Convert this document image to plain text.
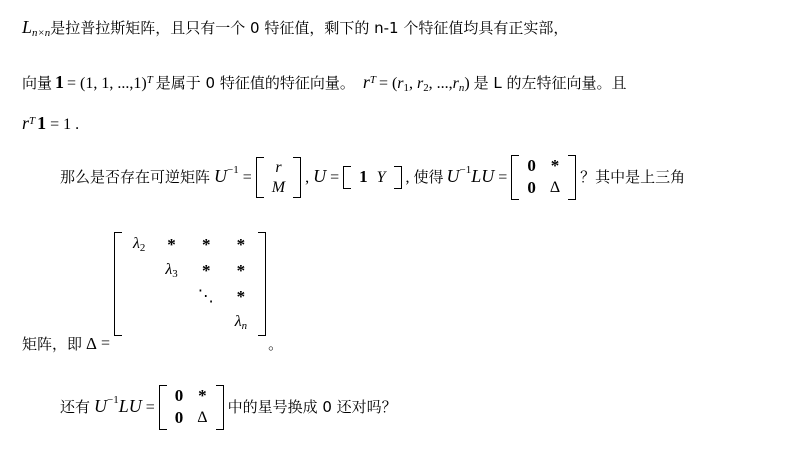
$L_{n\times n}$是拉普拉斯矩阵，且只有一个 0 特征值，剩下的 n-1 个特征值均具有正实部，
向量 1 = (1, 1, ...,1)$^T$ 是属于 0 特征值的特征向量。 $r^T = (r_1$, $r_2$, $...,r_n$) 是 L 的左特征向量。且
$r^T$ 1 = 1 .
那么是否存在可逆矩阵 U−1 =
r
M
, U = 1 Y , 使得 U−1LU =
0	*
0	Δ
？其中是上三角
矩阵，即 Δ =
$\lambda_2$	*	*	*
	$\lambda_3$	*	*
		⋱	*
			$\lambda_n$
。
还有 U−1LU =
0	*
0	Δ
中的星号换成 0 还对吗？
